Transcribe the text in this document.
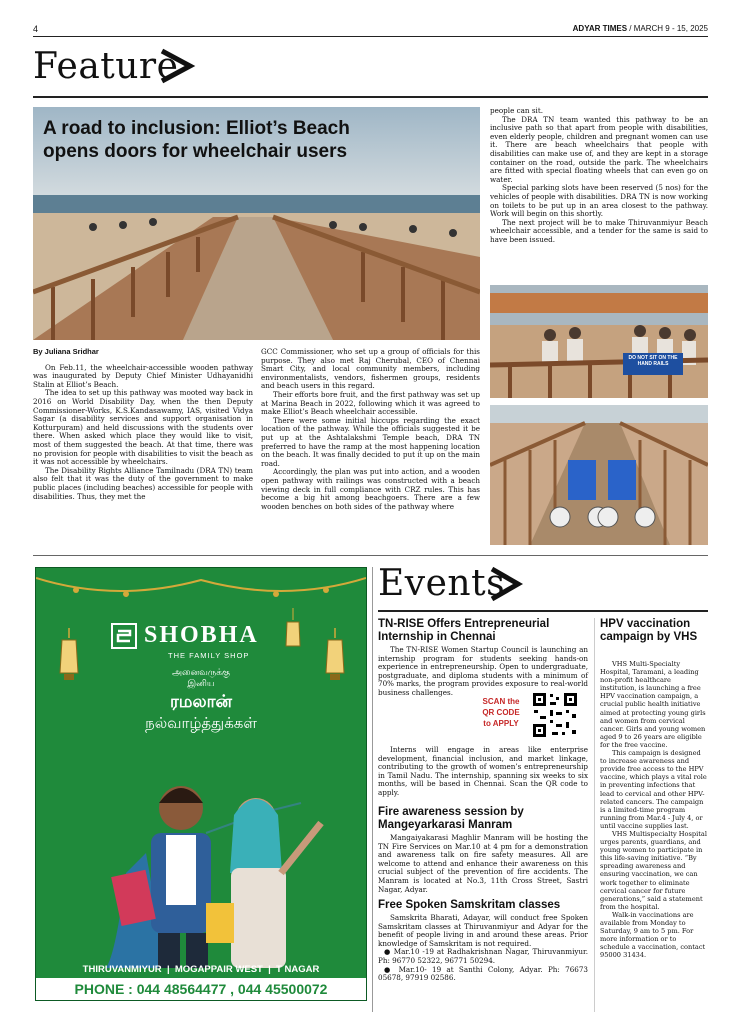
4	ADYAR TIMES / MARCH 9 - 15, 2025
Feature
A road to inclusion: Elliot’s Beach
opens doors for wheelchair users
DO NOT SIT ON THE HAND RAILS
By Juliana Sridhar

On Feb.11, the wheelchair-accessible wooden pathway was inaugurated by Deputy Chief Minister Udhayanidhi Stalin at Elliot’s Beach.

The idea to set up this pathway was mooted way back in 2016 on World Disability Day, when the then Deputy Commissioner-Works, K.S.Kandasawamy, IAS, visited Vidya Sagar (a disability services and support organisation in Kotturpuram) and held discussions with the students over there. When asked which place they would like to visit, most of them suggested the beach. At that time, there was no provision for people with disabilities to visit the beach as it was not accessible by wheelchairs.

The Disability Rights Alliance Tamilnadu (DRA TN) team also felt that it was the duty of the government to make public places (including beaches) accessible for people with disabilities. Thus, they met the

GCC Commissioner, who set up a group of officials for this purpose. They also met Raj Cherubal, CEO of Chennai Smart City, and local community members, including environmentalists, vendors, fishermen groups, residents and beach users in this regard.

Their efforts bore fruit, and the first pathway was set up at Marina Beach in 2022, following which it was agreed to make Elliot’s Beach wheelchair accessible.

There were some initial hiccups regarding the exact location of the pathway. While the officials suggested it be put up at the Ashtalakshmi Temple beach, DRA TN preferred to have the ramp at the most happening location on the beach. It was finally decided to put it up on the main road.

Accordingly, the plan was put into action, and a wooden open pathway with railings was constructed with a beach viewing deck in full compliance with CRZ rules. This has become a big hit among beachgoers. There are a few wooden benches on both sides of the pathway where

people can sit.

The DRA TN team wanted this pathway to be an inclusive path so that apart from people with disabilities, even elderly people, children and pregnant women can use it. There are beach wheelchairs that people with disabilities can make use of, and they are kept in a storage container on the road, outside the park. The wheelchairs are fitted with special floating wheels that can even go on water.

Special parking slots have been reserved (5 nos) for the vehicles of people with disabilities. DRA TN is now working on toilets to be put up in an area closest to the pathway. Work will begin on this shortly.

The next project will be to make Thiruvanmiyur Beach wheelchair accessible, and a tender for the same is said to have been issued.

SHOBHA
THE FAMILY SHOP
அனைவருக்கு
இனிய
ரமலான்
நல்வாழ்த்துக்கள்
THIRUVANMIYUR  |  MOGAPPAIR WEST  |  T NAGAR
PHONE : 044 48564477 , 044 45500072
Events
TN-RISE Offers Entrepreneurial Internship in Chennai

The TN-RISE Women Startup Council is launching an internship program for students seeking hands-on experience in entrepreneurship. Open to undergraduate, postgraduate, and diploma students with a minimum of 70% marks, the program provides exposure to real-world business challenges.

SCAN the
QR CODE
to APPLY

Interns will engage in areas like enterprise development, financial inclusion, and market linkage, contributing to the growth of women’s entrepreneurship in Tamil Nadu. The internship, spanning six weeks to six months, will be based in Chennai. Scan the QR code to apply.

Fire awareness session by Mangeyarkarasi Manram

Mangaiyakarasi Maghlir Manram will be hosting the TN Fire Services on Mar.10 at 4 pm for a demonstration and awareness talk on fire safety measures. All are welcome to attend and enhance their awareness on this crucial subject of the prevention of fire accidents. The Manram is located at No.3, 11th Cross Street, Sastri Nagar, Adyar.

Free Spoken Samskritam classes

Samskrita Bharati, Adayar, will conduct free Spoken Samskritam classes at Thiruvanmiyur and Adyar for the benefit of people living in and around these areas. Prior knowledge of Samskritam is not required.

● Mar.10 -19 at Radhakrishnan Nagar, Thiruvanmiyur. Ph: 96770 52322, 96771 50294.

● Mar.10- 19 at Santhi Colony, Adyar. Ph: 76673 05678, 97919 02586.

HPV vaccination campaign by VHS

VHS Multi-Specialty Hospital, Taramani, a leading non-profit healthcare institution, is launching a free HPV vaccination campaign, a crucial public health initiative aimed at protecting young girls and women from cervical cancer. Girls and young women aged 9 to 26 years are eligible for the free vaccine.

This campaign is designed to increase awareness and provide free access to the HPV vaccine, which plays a vital role in preventing infections that lead to cervical and other HPV-related cancers. The campaign is a limited-time program running from Mar.4 - July 4, or until vaccine supplies last.

VHS Multispecialty Hospital urges parents, guardians, and young women to participate in this life-saving initiative. “By spreading awareness and ensuring vaccination, we can work together to eliminate cervical cancer for future generations,” said a statement from the hospital.

Walk-in vaccinations are available from Monday to Saturday, 9 am to 5 pm. For more information or to schedule a vaccination, contact 95000 31434.
